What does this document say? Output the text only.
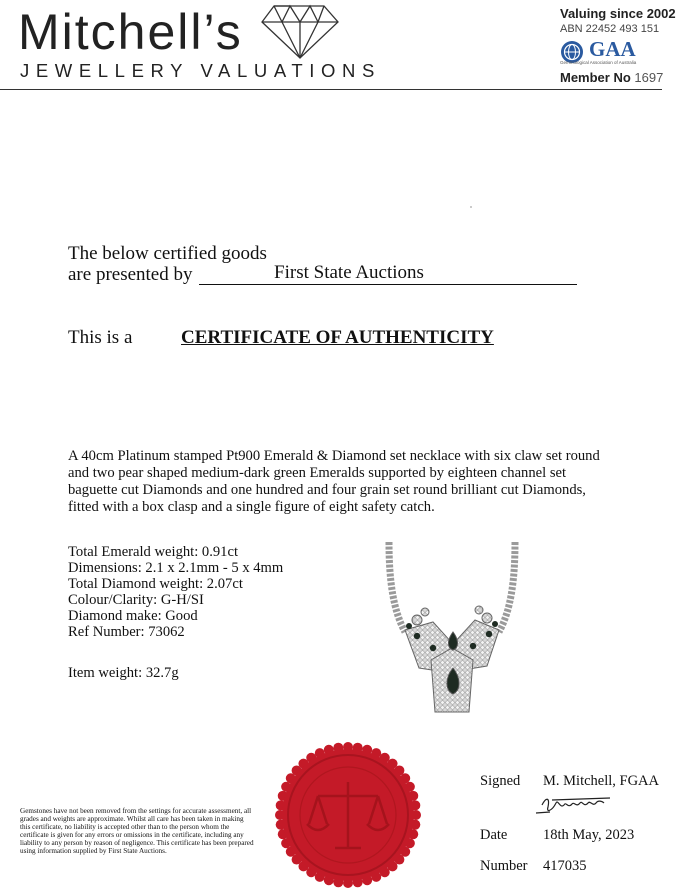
Mitchell’s
JEWELLERY VALUATIONS
Valuing since 2002
ABN 22452 493 151
GAA
Gemmological Association of Australia
Member No 1697
The below certified goods
are presented by	First State Auctions
This is a	CERTIFICATE OF AUTHENTICITY
A 40cm Platinum stamped Pt900 Emerald & Diamond set necklace with six claw set round and two pear shaped medium-dark green Emeralds supported by eighteen channel set baguette cut Diamonds and one hundred and four grain set round brilliant cut Diamonds, fitted with a box clasp and a single figure of eight safety catch.
Total Emerald weight: 0.91ct
Dimensions: 2.1 x 2.1mm - 5 x 4mm
Total Diamond weight: 2.07ct
Colour/Clarity: G-H/SI
Diamond make: Good
Ref Number: 73062
Item weight: 32.7g
Gemstones have not been removed from the settings for accurate assessment, all grades and weights are approximate. Whilst all care has been taken in making this certificate, no liability is accepted other than to the person whom the certificate is given for any errors or omissions in the certificate, including any liability to any person by reason of negligence. This certificate has been prepared using information supplied by First State Auctions.
Signed M. Mitchell, FGAA
Date 18th May, 2023
Number 417035
